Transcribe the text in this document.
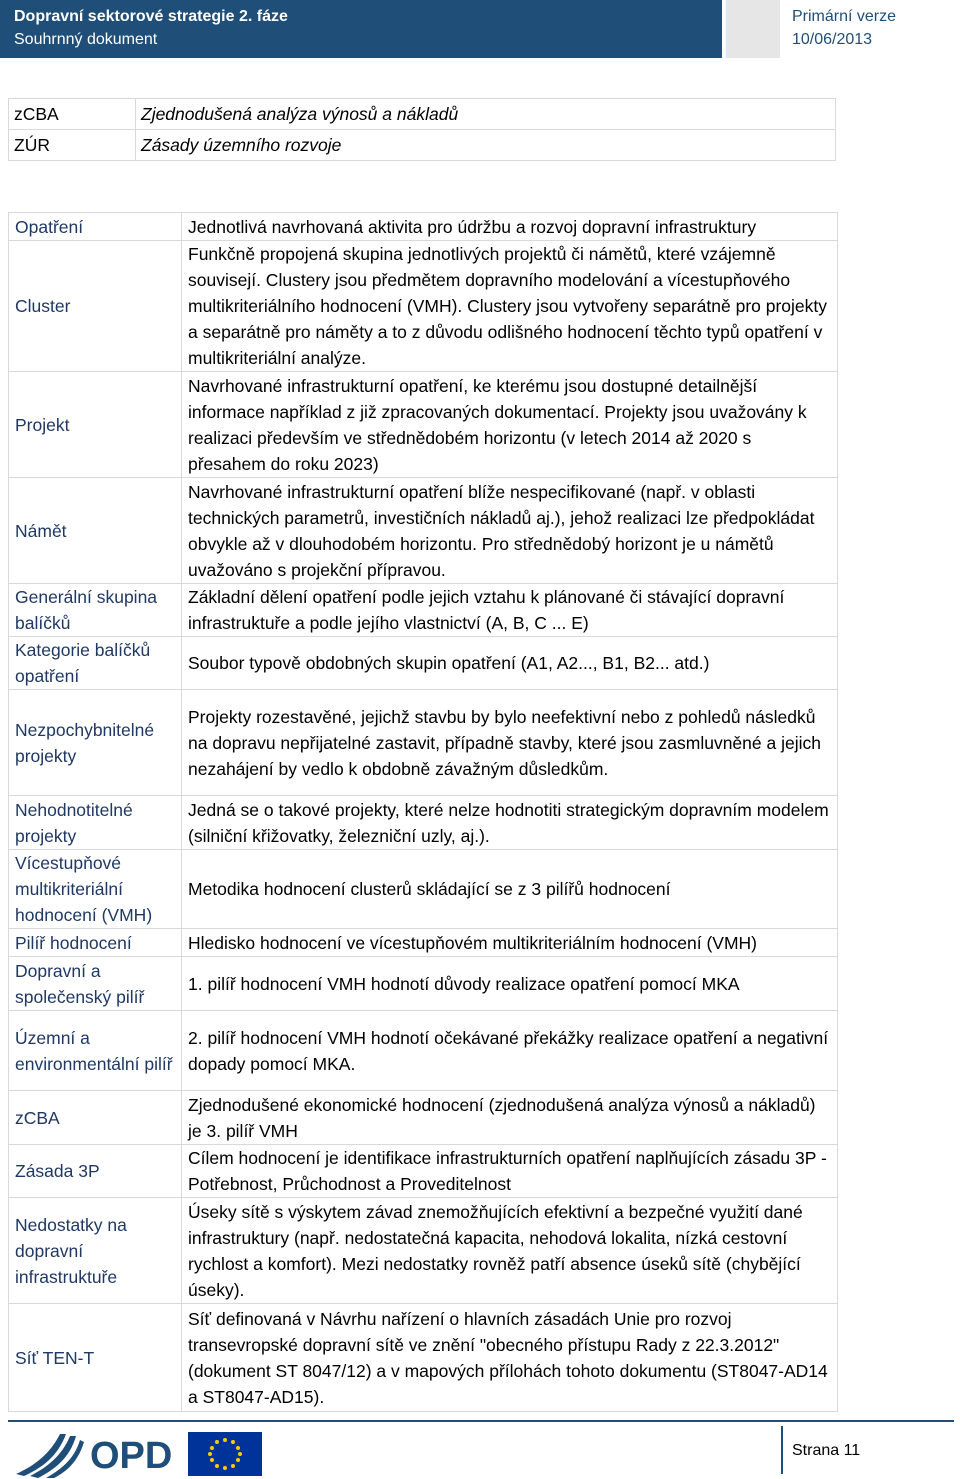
Dopravní sektorové strategie 2. fáze
Souhrnný dokument
Primární verze
10/06/2013
zCBA	Zjednodušená analýza výnosů a nákladů
ZÚR	Zásady územního rozvoje
Opatření	Jednotlivá navrhovaná aktivita pro údržbu a rozvoj dopravní infrastruktury
Cluster	Funkčně propojená skupina jednotlivých projektů či námětů, které vzájemně souvisejí. Clustery jsou předmětem dopravního modelování a vícestupňového multikriteriálního hodnocení (VMH). Clustery jsou vytvořeny separátně pro projekty a separátně pro náměty a to z důvodu odlišného hodnocení těchto typů opatření v multikriteriální analýze.
Projekt	Navrhované infrastrukturní opatření, ke kterému jsou dostupné detailnější informace například z již zpracovaných dokumentací. Projekty jsou uvažovány k realizaci především ve střednědobém horizontu (v letech 2014 až 2020 s přesahem do roku 2023)
Námět	Navrhované infrastrukturní opatření blíže nespecifikované (např. v oblasti technických parametrů, investičních nákladů aj.), jehož realizaci lze předpokládat obvykle až v dlouhodobém horizontu. Pro střednědobý horizont je u námětů uvažováno s projekční přípravou.
Generální skupina balíčků	Základní dělení opatření podle jejich vztahu k plánované či stávající dopravní infrastruktuře a podle jejího vlastnictví (A, B, C ... E)
Kategorie balíčků opatření	Soubor typově obdobných skupin opatření (A1, A2..., B1, B2... atd.)
Nezpochybnitelné projekty	Projekty rozestavěné, jejichž stavbu by bylo neefektivní nebo z pohledů následků na dopravu nepřijatelné zastavit, případně stavby, které jsou zasmluvněné a jejich nezahájení by vedlo k obdobně závažným důsledkům.
Nehodnotitelné projekty	Jedná se o takové projekty, které nelze hodnotiti strategickým dopravním modelem (silniční křižovatky, železniční uzly, aj.).
Vícestupňové multikriteriální hodnocení (VMH)	Metodika hodnocení clusterů skládající se z 3 pilířů hodnocení
Pilíř hodnocení	Hledisko hodnocení ve vícestupňovém multikriteriálním hodnocení (VMH)
Dopravní a společenský pilíř	1. pilíř hodnocení VMH hodnotí důvody realizace opatření pomocí MKA
Územní a environmentální pilíř	2. pilíř hodnocení VMH hodnotí očekávané překážky realizace opatření a negativní dopady pomocí MKA.
zCBA	Zjednodušené ekonomické hodnocení (zjednodušená analýza výnosů a nákladů) je 3. pilíř VMH
Zásada 3P	Cílem hodnocení je identifikace infrastrukturních opatření naplňujících zásadu 3P - Potřebnost, Průchodnost a Proveditelnost
Nedostatky na dopravní infrastruktuře	Úseky sítě s výskytem závad znemožňujících efektivní a bezpečné využití dané infrastruktury (např. nedostatečná kapacita, nehodová lokalita, nízká cestovní rychlost a komfort). Mezi nedostatky rovněž patří absence úseků sítě (chybějící úseky).
Síť TEN-T	Síť definovaná v Návrhu nařízení o hlavních zásadách Unie pro rozvoj transevropské dopravní sítě ve znění "obecného přístupu Rady z 22.3.2012" (dokument ST 8047/12) a v mapových přílohách tohoto dokumentu (ST8047-AD14 a ST8047-AD15).
OPD	Strana 11
